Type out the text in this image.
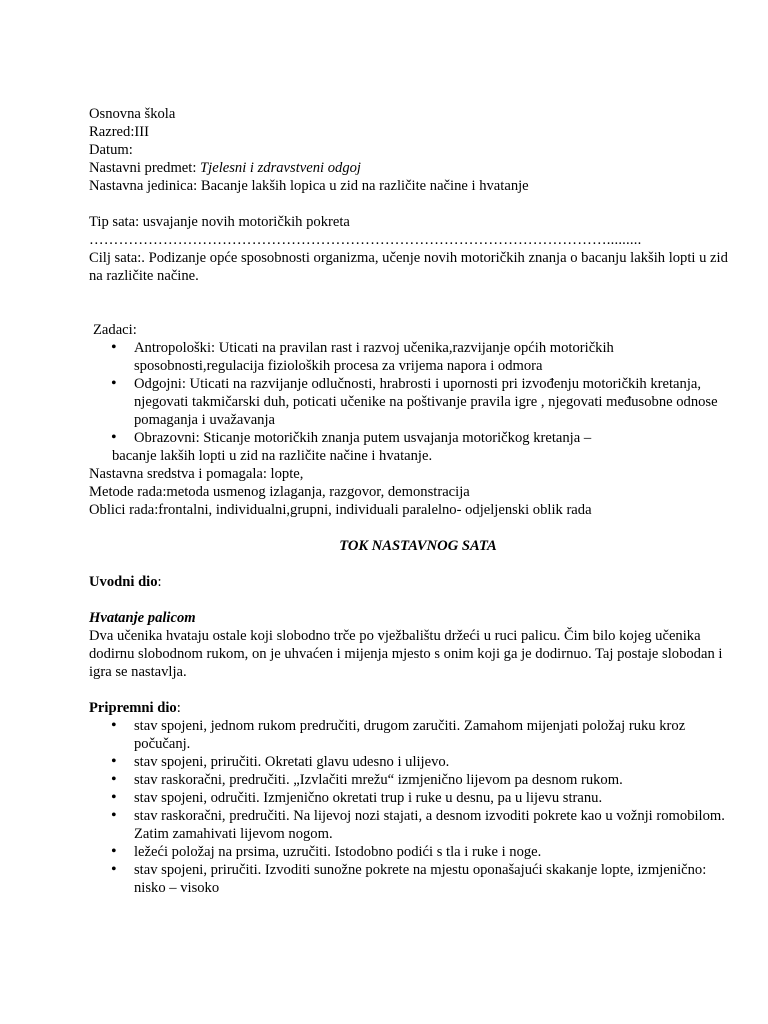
Osnovna škola
Razred:III
Datum:
Nastavni predmet: Tjelesni i zdravstveni odgoj
Nastavna jedinica: Bacanje lakših lopica u zid na različite načine i hvatanje
Tip sata: usvajanje novih motoričkih pokreta
…………………………………………………………………………………………….........
Cilj sata:. Podizanje opće sposobnosti organizma, učenje novih motoričkih znanja o bacanju lakših lopti u zid na različite načine.
Zadaci:
• Antropološki: Uticati na pravilan rast i razvoj učenika,razvijanje općih motoričkih sposobnosti,regulacija fizioloških procesa za vrijema napora i odmora
• Odgojni: Uticati na razvijanje odlučnosti, hrabrosti i upornosti pri izvođenju motoričkih kretanja, njegovati takmičarski duh, poticati učenike na poštivanje pravila igre , njegovati međusobne odnose pomaganja i uvažavanja
• Obrazovni: Sticanje motoričkih znanja putem usvajanja motoričkog kretanja –
bacanje lakših lopti u zid na različite načine i hvatanje.
Nastavna sredstva i pomagala: lopte,
Metode rada:metoda usmenog izlaganja, razgovor, demonstracija
Oblici rada:frontalni, individualni,grupni, individuali paralelno- odjeljenski oblik rada
TOK NASTAVNOG SATA
Uvodni dio:
Hvatanje palicom
Dva učenika hvataju ostale koji slobodno trče po vježbalištu držeći u ruci palicu. Čim bilo kojeg učenika dodirnu slobodnom rukom, on je uhvaćen i mijenja mjesto s onim koji ga je dodirnuo. Taj postaje slobodan i igra se nastavlja.
Pripremni dio:
• stav spojeni, jednom rukom predručiti, drugom zaručiti. Zamahom mijenjati položaj ruku kroz počučanj.
• stav spojeni, priručiti. Okretati glavu udesno i ulijevo.
• stav raskoračni, predručiti. „Izvlačiti mrežu“ izmjenično lijevom pa desnom rukom.
• stav spojeni, odručiti. Izmjenično okretati trup i ruke u desnu, pa u lijevu stranu.
• stav raskoračni, predručiti. Na lijevoj nozi stajati, a desnom izvoditi pokrete kao u vožnji romobilom. Zatim zamahivati lijevom nogom.
• ležeći položaj na prsima, uzručiti. Istodobno podići s tla i ruke i noge.
• stav spojeni, priručiti. Izvoditi sunožne pokrete na mjestu oponašajući skakanje lopte, izmjenično: nisko – visoko
